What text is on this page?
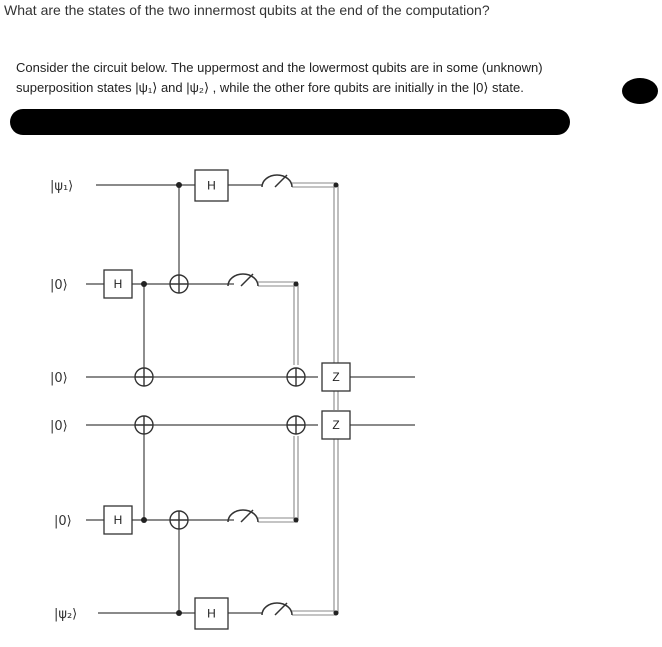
What are the states of the two innermost qubits at the end of the computation?
Consider the circuit below. The uppermost and the lowermost qubits are in some (unknown)
superposition states |ψ₁⟩ and |ψ₂⟩ , while the other fore qubits are initially in the |0⟩ state.
H
H
H
H
Z
Z
|ψ₁⟩
|0⟩
|0⟩
|0⟩
|0⟩
|ψ₂⟩
